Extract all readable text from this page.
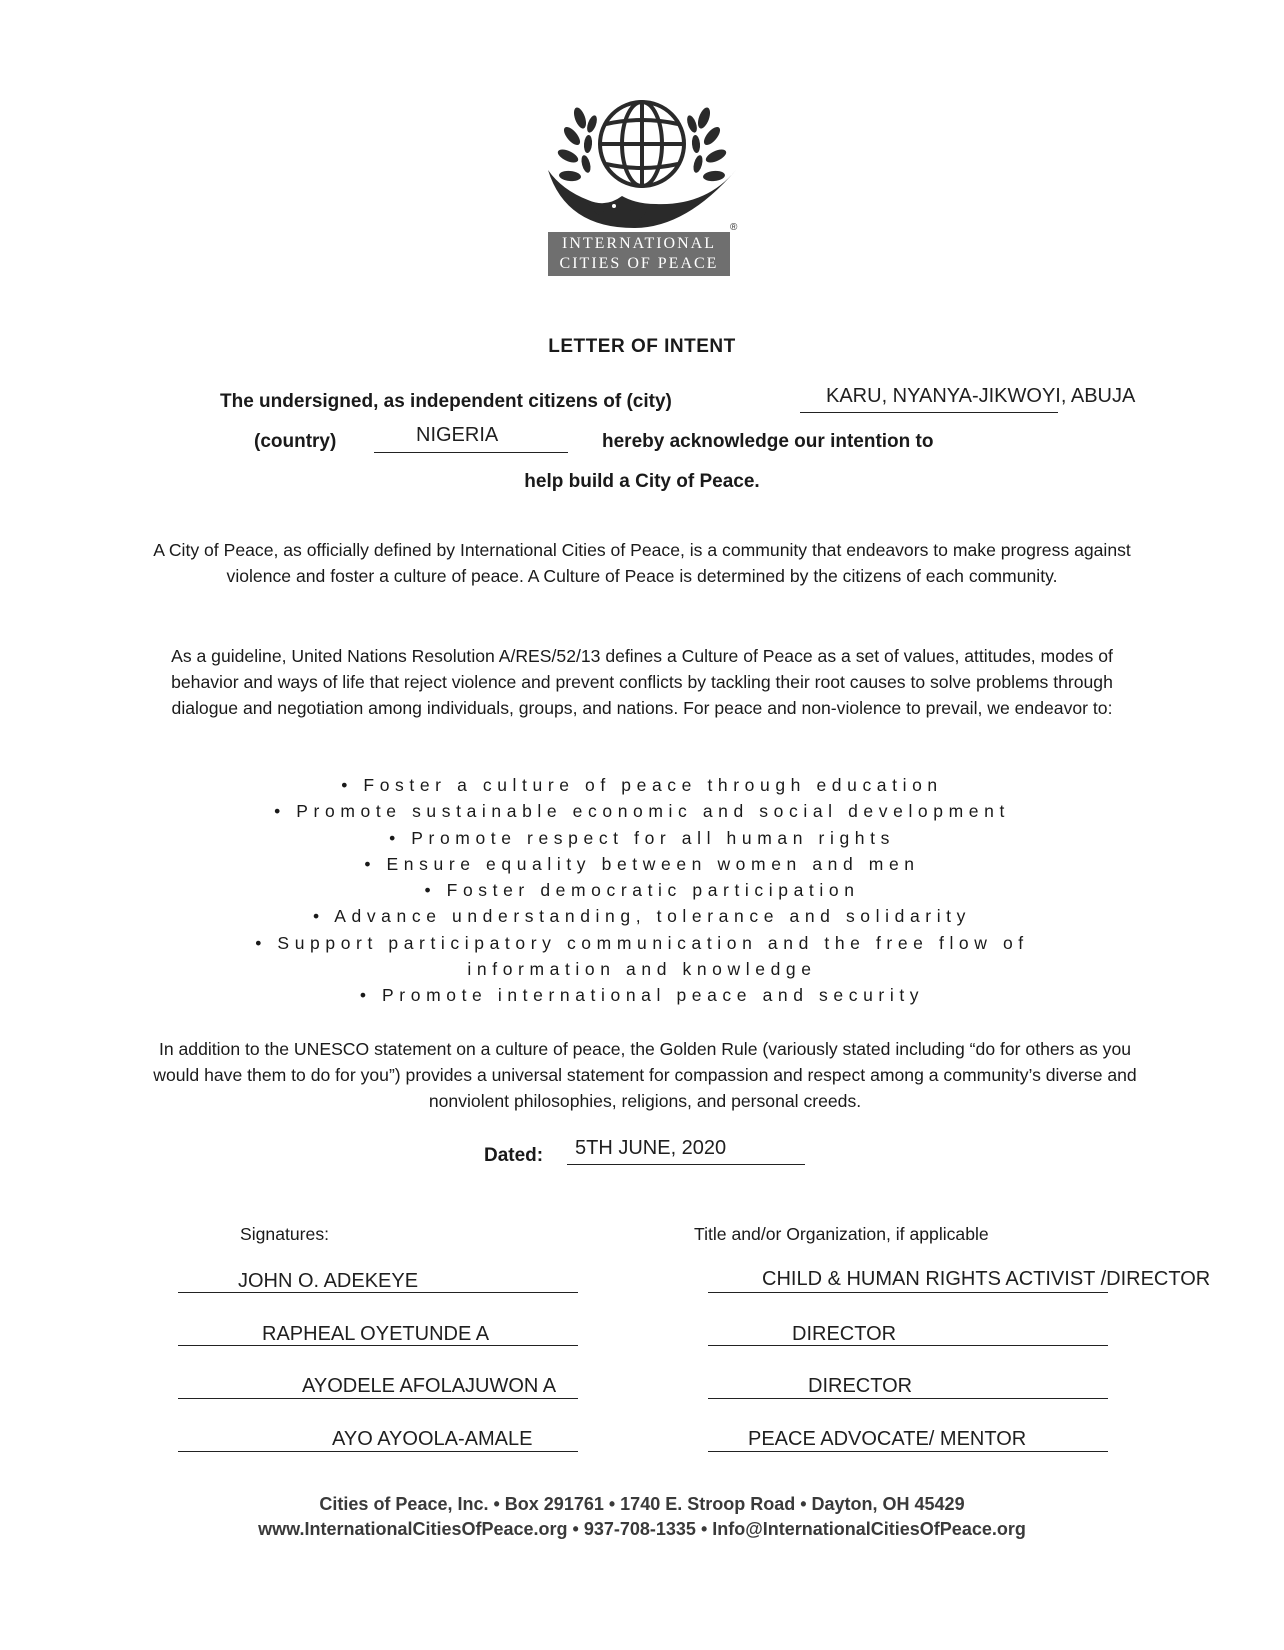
®
INTERNATIONAL
CITIES OF PEACE
LETTER OF INTENT
The undersigned, as independent citizens of (city)	KARU, NYANYA-JIKWOYI, ABUJA
(country)	NIGERIA	hereby acknowledge our intention to
help build a City of Peace.
A City of Peace, as officially defined by International Cities of Peace, is a community that endeavors to make progress against violence and foster a culture of peace. A Culture of Peace is determined by the citizens of each community.
As a guideline, United Nations Resolution A/RES/52/13 defines a Culture of Peace as a set of values, attitudes, modes of behavior and ways of life that reject violence and prevent conflicts by tackling their root causes to solve problems through dialogue and negotiation among individuals, groups, and nations. For peace and non-violence to prevail, we endeavor to:
• Foster a culture of peace through education
• Promote sustainable economic and social development
• Promote respect for all human rights
• Ensure equality between women and men
• Foster democratic participation
• Advance understanding, tolerance and solidarity
• Support participatory communication and the free flow of
information and knowledge
• Promote international peace and security
In addition to the UNESCO statement on a culture of peace, the Golden Rule (variously stated including “do for others as you would have them to do for you”) provides a universal statement for compassion and respect among a community’s diverse and nonviolent philosophies, religions, and personal creeds.
Dated: 5TH JUNE, 2020
Signatures:	Title and/or Organization, if applicable
JOHN O. ADEKEYE	CHILD & HUMAN RIGHTS ACTIVIST /DIRECTOR
RAPHEAL OYETUNDE A	DIRECTOR
AYODELE AFOLAJUWON A	DIRECTOR
AYO AYOOLA-AMALE	PEACE ADVOCATE/ MENTOR
Cities of Peace, Inc. • Box 291761 • 1740 E. Stroop Road • Dayton, OH 45429
www.InternationalCitiesOfPeace.org • 937-708-1335 • Info@InternationalCitiesOfPeace.org
